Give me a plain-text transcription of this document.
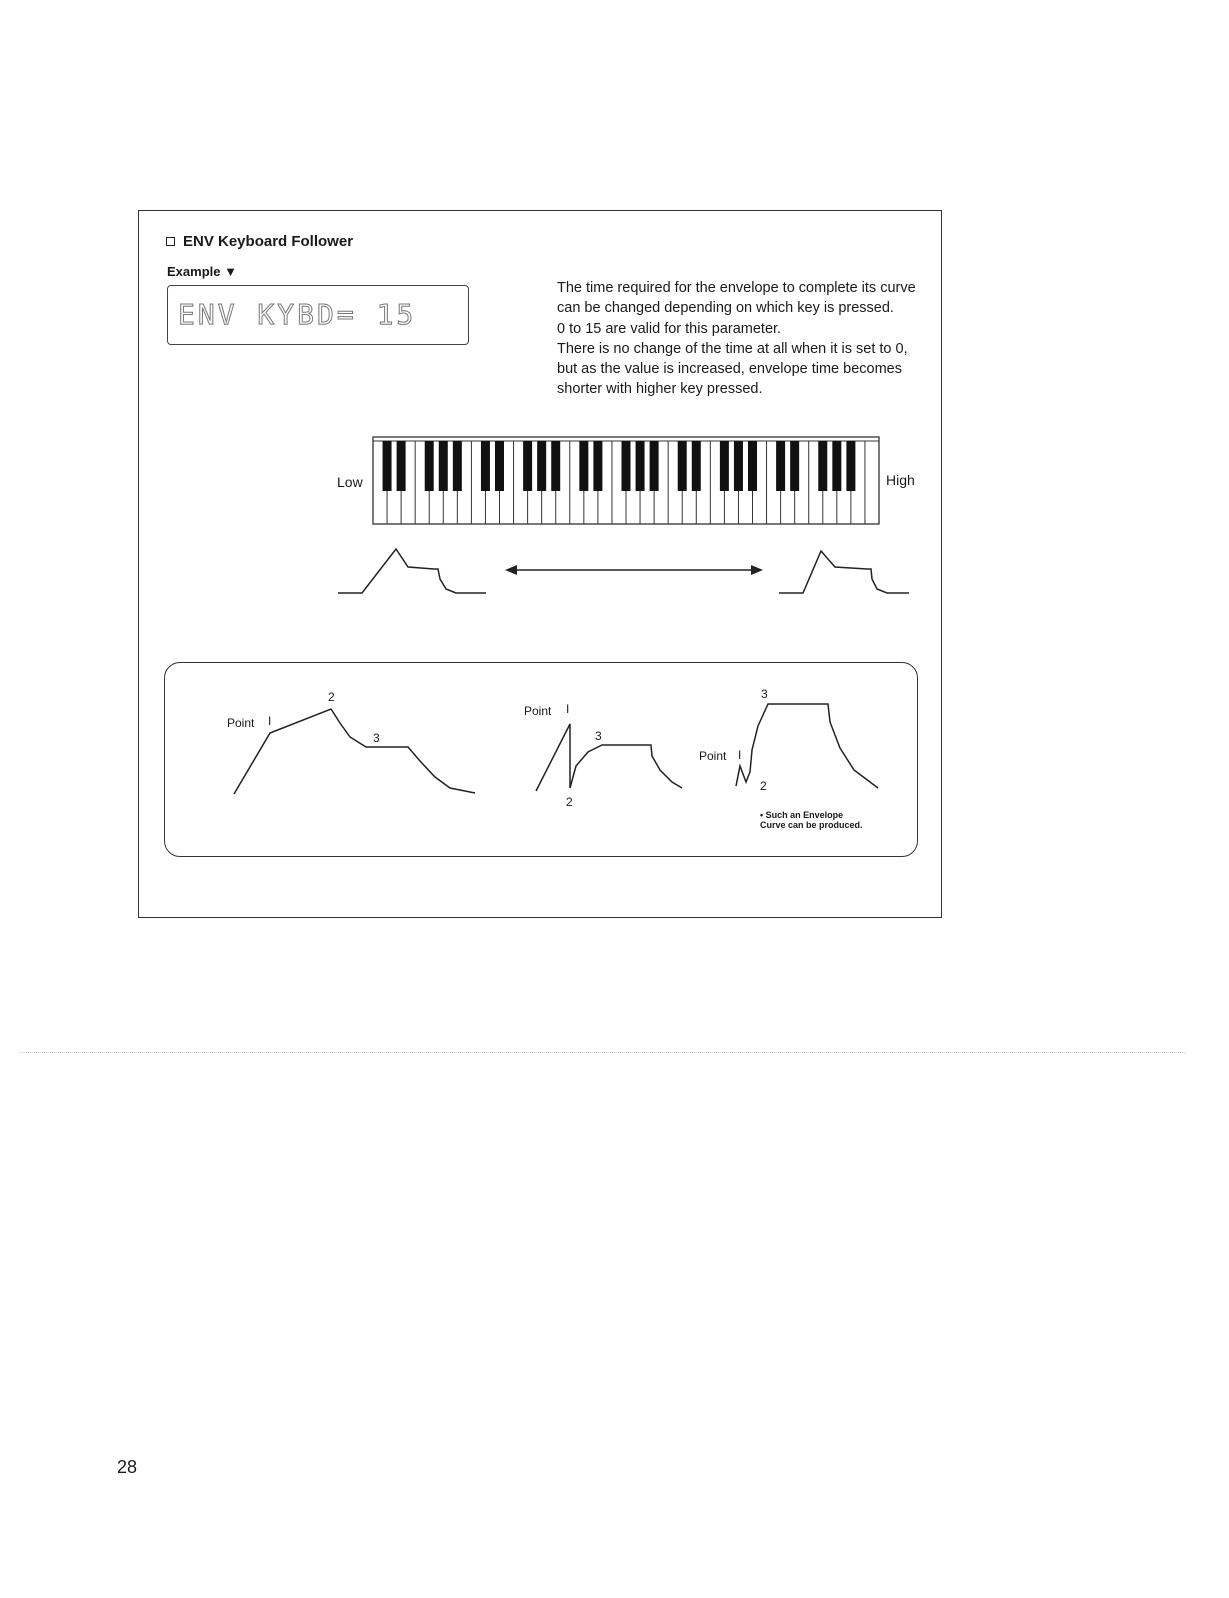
ENV Keyboard Follower
Example ▼
ENV KYBD= 15

The time required for the envelope to complete its curve can be changed depending on which key is pressed.

0 to 15 are valid for this parameter.

There is no change of the time at all when it is set to 0, but as the value is increased, envelope time becomes shorter with higher key pressed.

Low	High
Point I
2
3
Point I
2
3
Point I
2
3
• Such an Envelope Curve can be produced.
28
